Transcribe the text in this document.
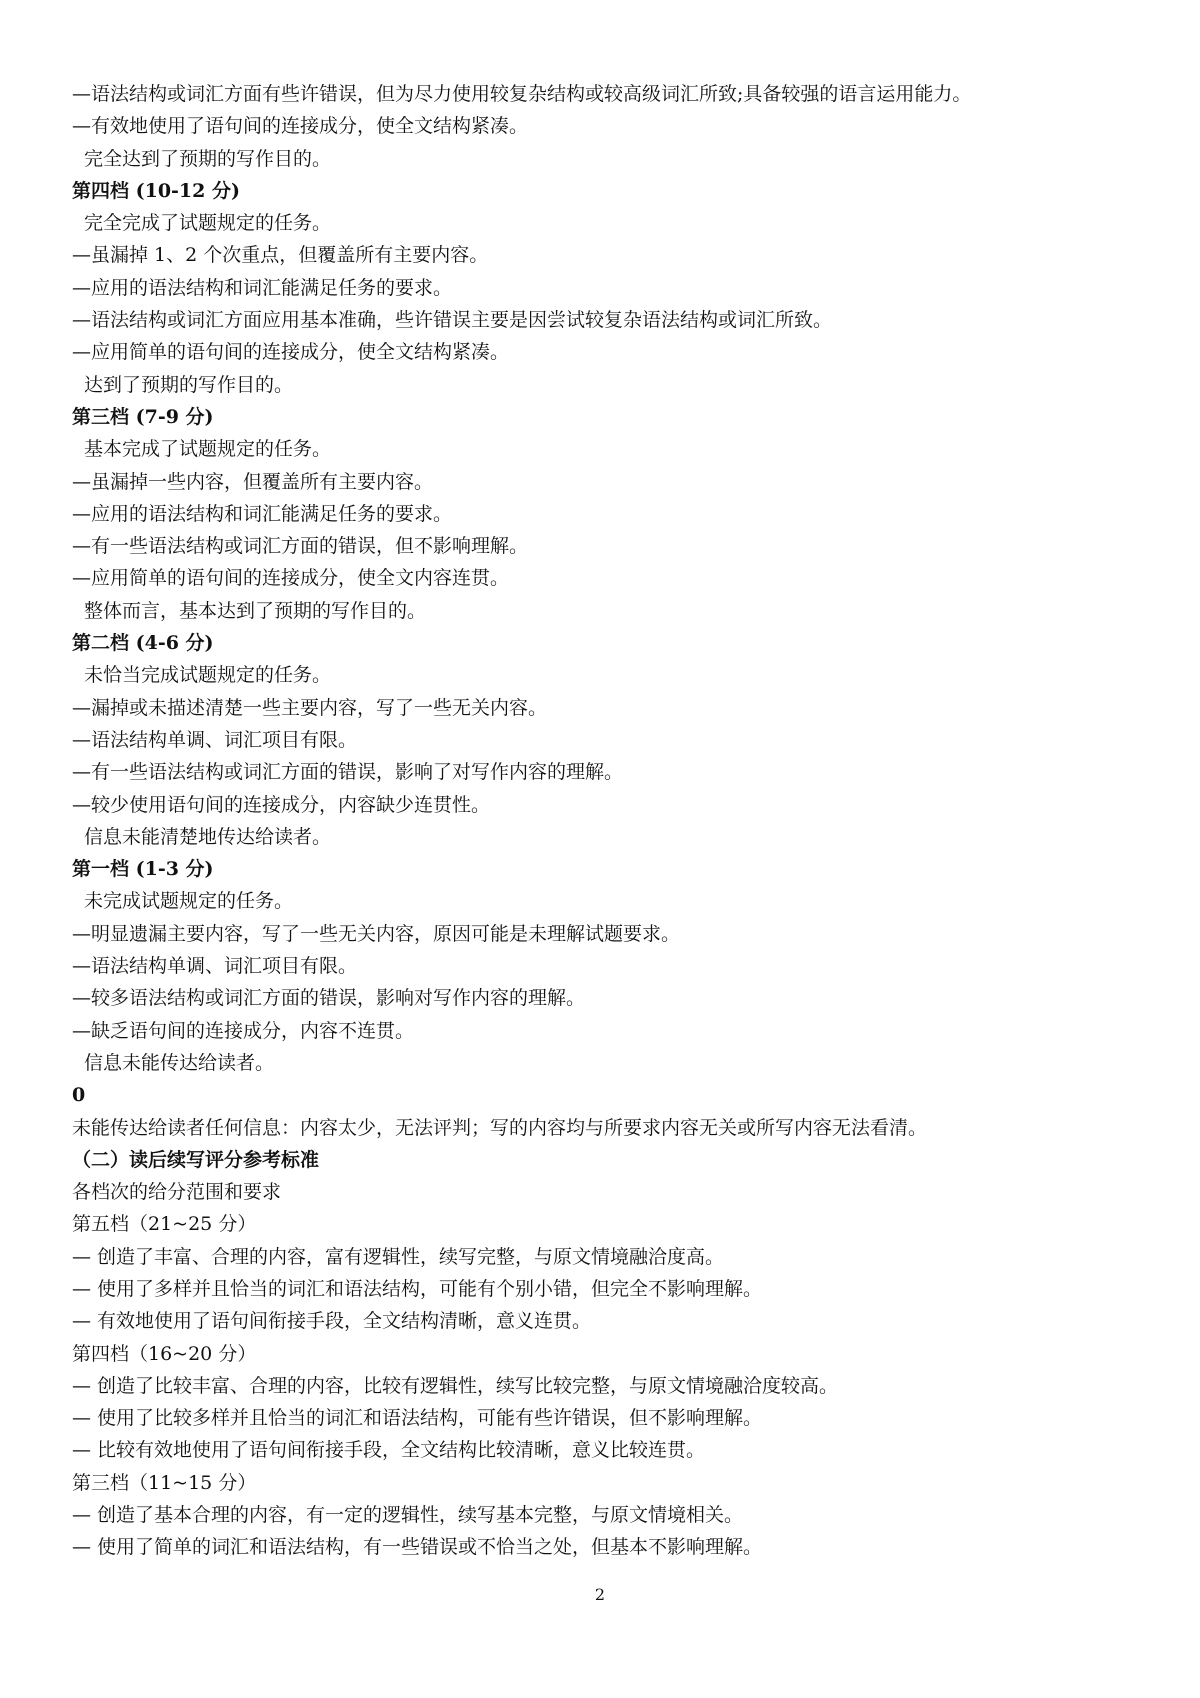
—语法结构或词汇方面有些许错误，但为尽力使用较复杂结构或较高级词汇所致;具备较强的语言运用能力。
—有效地使用了语句间的连接成分，使全文结构紧凑。
完全达到了预期的写作目的。
第四档 (10-12 分)
完全完成了试题规定的任务。
—虽漏掉 1、2 个次重点，但覆盖所有主要内容。
—应用的语法结构和词汇能满足任务的要求。
—语法结构或词汇方面应用基本准确，些许错误主要是因尝试较复杂语法结构或词汇所致。
—应用简单的语句间的连接成分，使全文结构紧凑。
达到了预期的写作目的。
第三档 (7-9 分)
基本完成了试题规定的任务。
—虽漏掉一些内容，但覆盖所有主要内容。
—应用的语法结构和词汇能满足任务的要求。
—有一些语法结构或词汇方面的错误，但不影响理解。
—应用简单的语句间的连接成分，使全文内容连贯。
整体而言，基本达到了预期的写作目的。
第二档 (4-6 分)
未恰当完成试题规定的任务。
—漏掉或未描述清楚一些主要内容，写了一些无关内容。
—语法结构单调、词汇项目有限。
—有一些语法结构或词汇方面的错误，影响了对写作内容的理解。
—较少使用语句间的连接成分，内容缺少连贯性。
信息未能清楚地传达给读者。
第一档 (1-3 分)
未完成试题规定的任务。
—明显遗漏主要内容，写了一些无关内容，原因可能是未理解试题要求。
—语法结构单调、词汇项目有限。
—较多语法结构或词汇方面的错误，影响对写作内容的理解。
—缺乏语句间的连接成分，内容不连贯。
信息未能传达给读者。
0
未能传达给读者任何信息：内容太少，无法评判；写的内容均与所要求内容无关或所写内容无法看清。
（二）读后续写评分参考标准
各档次的给分范围和要求
第五档（21~25 分）
— 创造了丰富、合理的内容，富有逻辑性，续写完整，与原文情境融洽度高。
— 使用了多样并且恰当的词汇和语法结构，可能有个别小错，但完全不影响理解。
— 有效地使用了语句间衔接手段，全文结构清晰，意义连贯。
第四档（16~20 分）
— 创造了比较丰富、合理的内容，比较有逻辑性，续写比较完整，与原文情境融洽度较高。
— 使用了比较多样并且恰当的词汇和语法结构，可能有些许错误，但不影响理解。
— 比较有效地使用了语句间衔接手段，全文结构比较清晰，意义比较连贯。
第三档（11~15 分）
— 创造了基本合理的内容，有一定的逻辑性，续写基本完整，与原文情境相关。
— 使用了简单的词汇和语法结构，有一些错误或不恰当之处，但基本不影响理解。
2
